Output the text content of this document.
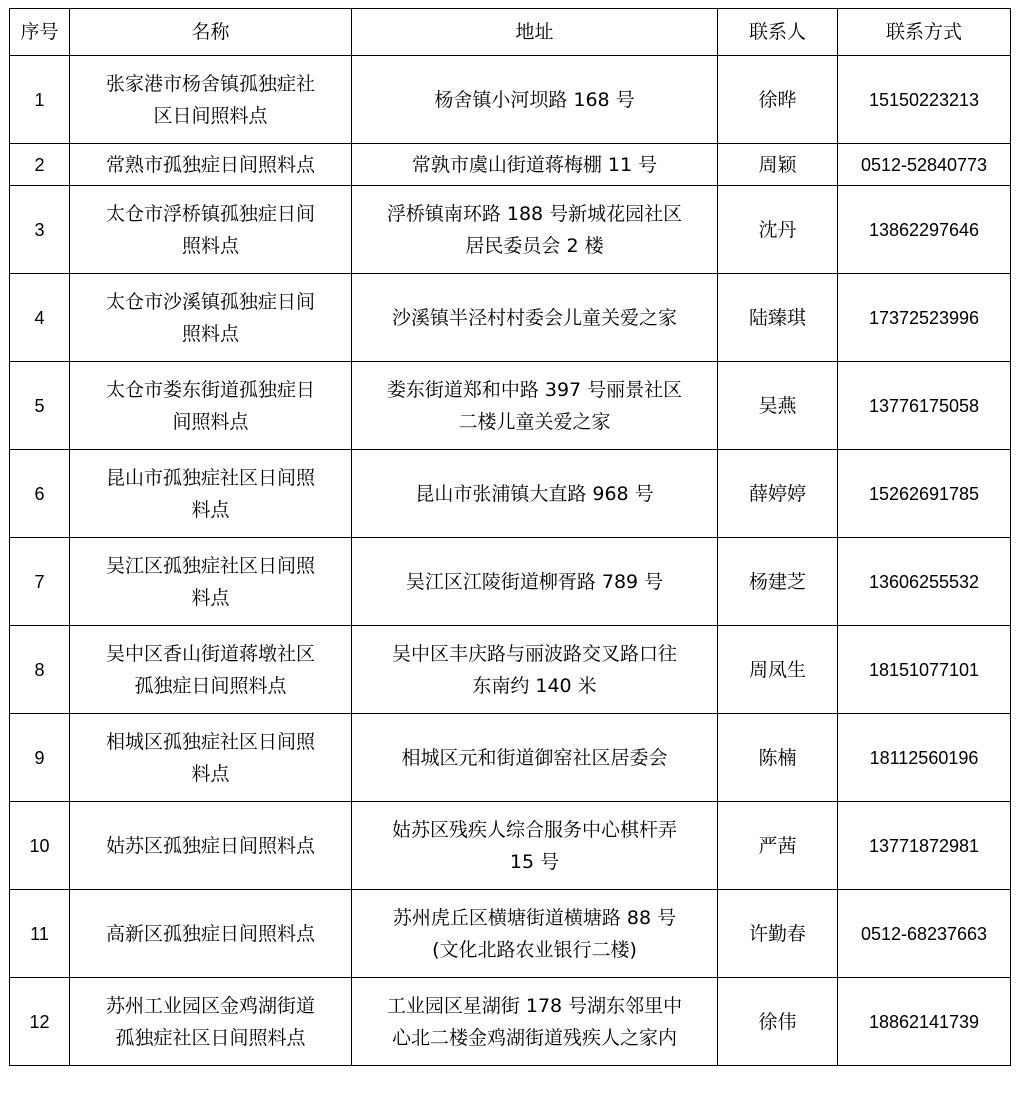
序号	名称	地址	联系人	联系方式
1	张家港市杨舍镇孤独症社
区日间照料点	杨舍镇小河坝路 168 号	徐晔	15150223213
2	常熟市孤独症日间照料点	常孰市虞山街道蒋梅棚 11 号	周颖	0512-52840773
3	太仓市浮桥镇孤独症日间
照料点	浮桥镇南环路 188 号新城花园社区
居民委员会 2 楼	沈丹	13862297646
4	太仓市沙溪镇孤独症日间
照料点	沙溪镇半泾村村委会儿童关爱之家	陆臻琪	17372523996
5	太仓市娄东街道孤独症日
间照料点	娄东街道郑和中路 397 号丽景社区
二楼儿童关爱之家	吴燕	13776175058
6	昆山市孤独症社区日间照
料点	昆山市张浦镇大直路 968 号	薛婷婷	15262691785
7	吴江区孤独症社区日间照
料点	吴江区江陵街道柳胥路 789 号	杨建芝	13606255532
8	吴中区香山街道蒋墩社区
孤独症日间照料点	吴中区丰庆路与丽波路交叉路口往
东南约 140 米	周凤生	18151077101
9	相城区孤独症社区日间照
料点	相城区元和街道御窑社区居委会	陈楠	18112560196
10	姑苏区孤独症日间照料点	姑苏区残疾人综合服务中心棋杆弄
15 号	严茜	13771872981
11	高新区孤独症日间照料点	苏州虎丘区横塘街道横塘路 88 号
(文化北路农业银行二楼)	许勤春	0512-68237663
12	苏州工业园区金鸡湖街道
孤独症社区日间照料点	工业园区星湖街 178 号湖东邻里中
心北二楼金鸡湖街道残疾人之家内	徐伟	18862141739
